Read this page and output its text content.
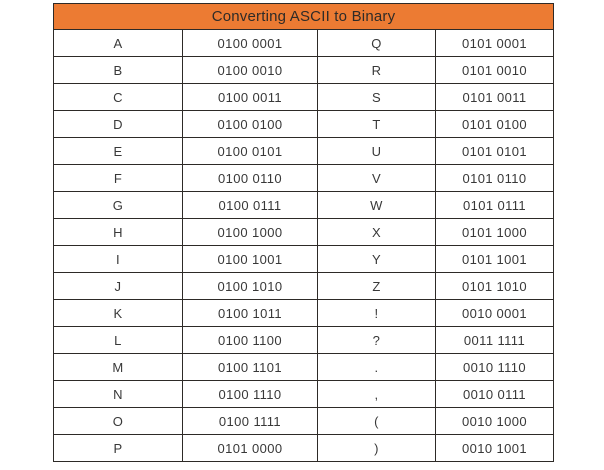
Converting ASCII to Binary			
A	0100 0001	Q	0101 0001
B	0100 0010	R	0101 0010
C	0100 0011	S	0101 0011
D	0100 0100	T	0101 0100
E	0100 0101	U	0101 0101
F	0100 0110	V	0101 0110
G	0100 0111	W	0101 0111
H	0100 1000	X	0101 1000
I	0100 1001	Y	0101 1001
J	0100 1010	Z	0101 1010
K	0100 1011	!	0010 0001
L	0100 1100	?	0011 1111
M	0100 1101	.	0010 1110
N	0100 1110	,	0010 0111
O	0100 1111	(	0010 1000
P	0101 0000	)	0010 1001
